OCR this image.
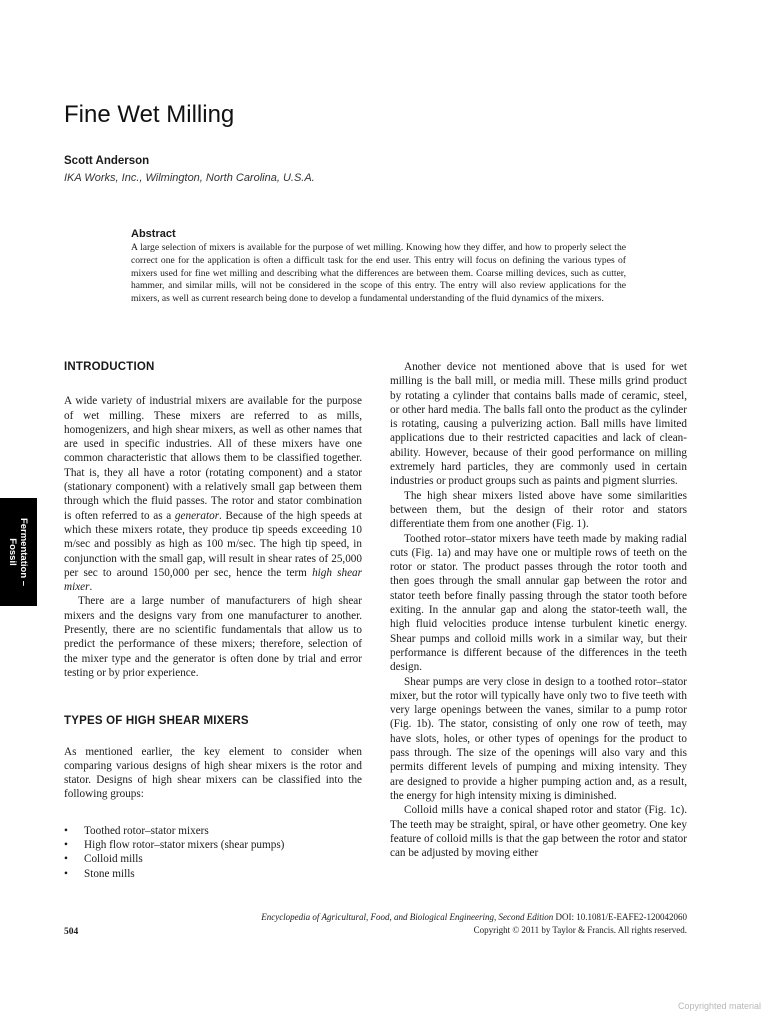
Fine Wet Milling
Scott Anderson
IKA Works, Inc., Wilmington, North Carolina, U.S.A.
Abstract

A large selection of mixers is available for the purpose of wet milling. Knowing how they differ, and how to properly select the correct one for the application is often a difficult task for the end user. This entry will focus on defining the various types of mixers used for fine wet milling and describing what the differences are between them. Coarse milling devices, such as cutter, hammer, and similar mills, will not be considered in the scope of this entry. The entry will also review applications for the mixers, as well as current research being done to develop a fundamental understanding of the fluid dynamics of the mixers.

Fermentation –
Fossil
INTRODUCTION

A wide variety of industrial mixers are available for the purpose of wet milling. These mixers are referred to as mills, homogenizers, and high shear mixers, as well as other names that are used in specific industries. All of these mixers have one common characteristic that allows them to be classified together. That is, they all have a rotor (rotating component) and a stator (stationary component) with a relatively small gap between them through which the fluid passes. The rotor and stator combination is often referred to as a generator. Because of the high speeds at which these mixers rotate, they produce tip speeds exceeding 10 m/sec and possibly as high as 100 m/sec. The high tip speed, in conjunction with the small gap, will result in shear rates of 25,000 per sec to around 150,000 per sec, hence the term high shear mixer.

There are a large number of manufacturers of high shear mixers and the designs vary from one manufacturer to another. Presently, there are no scientific fundamentals that allow us to predict the performance of these mixers; therefore, selection of the mixer type and the generator is often done by trial and error testing or by prior experience.

TYPES OF HIGH SHEAR MIXERS

As mentioned earlier, the key element to consider when comparing various designs of high shear mixers is the rotor and stator. Designs of high shear mixers can be classified into the following groups:

• Toothed rotor–stator mixers
• High flow rotor–stator mixers (shear pumps)
• Colloid mills
• Stone mills

Another device not mentioned above that is used for wet milling is the ball mill, or media mill. These mills grind product by rotating a cylinder that contains balls made of ceramic, steel, or other hard media. The balls fall onto the product as the cylinder is rotating, causing a pulverizing action. Ball mills have limited applications due to their restricted capacities and lack of clean-ability. However, because of their good performance on milling extremely hard particles, they are commonly used in certain industries or product groups such as paints and pigment slurries.

The high shear mixers listed above have some similarities between them, but the design of their rotor and stators differentiate them from one another (Fig. 1).

Toothed rotor–stator mixers have teeth made by making radial cuts (Fig. 1a) and may have one or multiple rows of teeth on the rotor or stator. The product passes through the rotor tooth and then goes through the small annular gap between the rotor and stator teeth before finally passing through the stator tooth before exiting. In the annular gap and along the stator-teeth wall, the high fluid velocities produce intense turbulent kinetic energy. Shear pumps and colloid mills work in a similar way, but their performance is different because of the differences in the teeth design.

Shear pumps are very close in design to a toothed rotor–stator mixer, but the rotor will typically have only two to five teeth with very large openings between the vanes, similar to a pump rotor (Fig. 1b). The stator, consisting of only one row of teeth, may have slots, holes, or other types of openings for the product to pass through. The size of the openings will also vary and this permits different levels of pumping and mixing intensity. They are designed to provide a higher pumping action and, as a result, the energy for high intensity mixing is diminished.

Colloid mills have a conical shaped rotor and stator (Fig. 1c). The teeth may be straight, spiral, or have other geometry. One key feature of colloid mills is that the gap between the rotor and stator can be adjusted by moving either

Encyclopedia of Agricultural, Food, and Biological Engineering, Second Edition DOI: 10.1081/E-EAFE2-120042060
Copyright © 2011 by Taylor & Francis. All rights reserved.
504
Copyrighted material
